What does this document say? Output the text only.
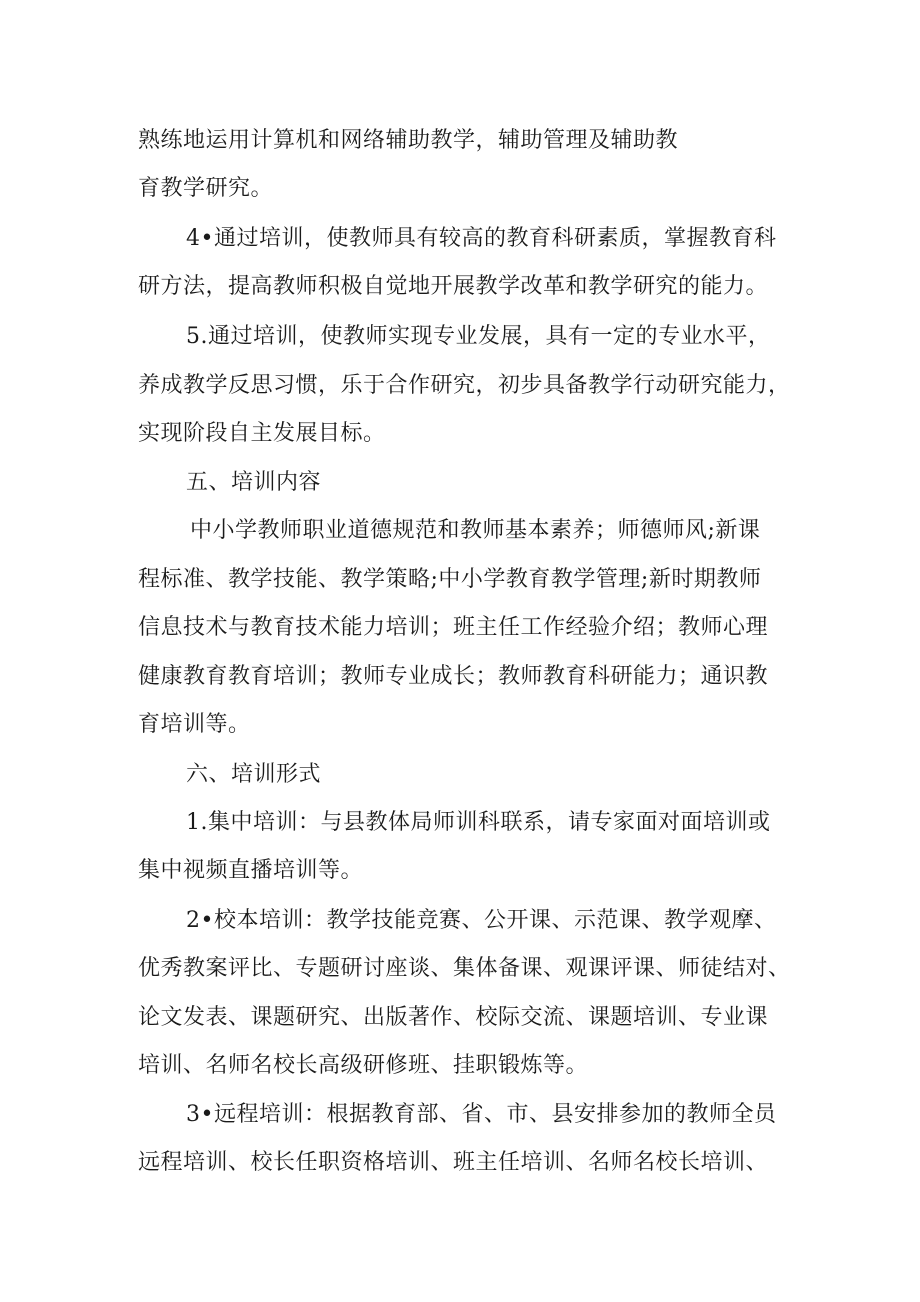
熟练地运用计算机和网络辅助教学，辅助管理及辅助教
育教学研究。
4•通过培训，使教师具有较高的教育科研素质，掌握教育科
研方法，提高教师积极自觉地开展教学改革和教学研究的能力。
5.通过培训，使教师实现专业发展，具有一定的专业水平，
养成教学反思习惯，乐于合作研究，初步具备教学行动研究能力，
实现阶段自主发展目标。
五、培训内容
中小学教师职业道德规范和教师基本素养；师德师风;新课
程标准、教学技能、教学策略;中小学教育教学管理;新时期教师
信息技术与教育技术能力培训；班主任工作经验介绍；教师心理
健康教育教育培训；教师专业成长；教师教育科研能力；通识教
育培训等。
六、培训形式
1.集中培训：与县教体局师训科联系，请专家面对面培训或
集中视频直播培训等。
2•校本培训：教学技能竞赛、公开课、示范课、教学观摩、
优秀教案评比、专题研讨座谈、集体备课、观课评课、师徒结对、
论文发表、课题研究、出版著作、校际交流、课题培训、专业课
培训、名师名校长高级研修班、挂职锻炼等。
3•远程培训：根据教育部、省、市、县安排参加的教师全员
远程培训、校长任职资格培训、班主任培训、名师名校长培训、
